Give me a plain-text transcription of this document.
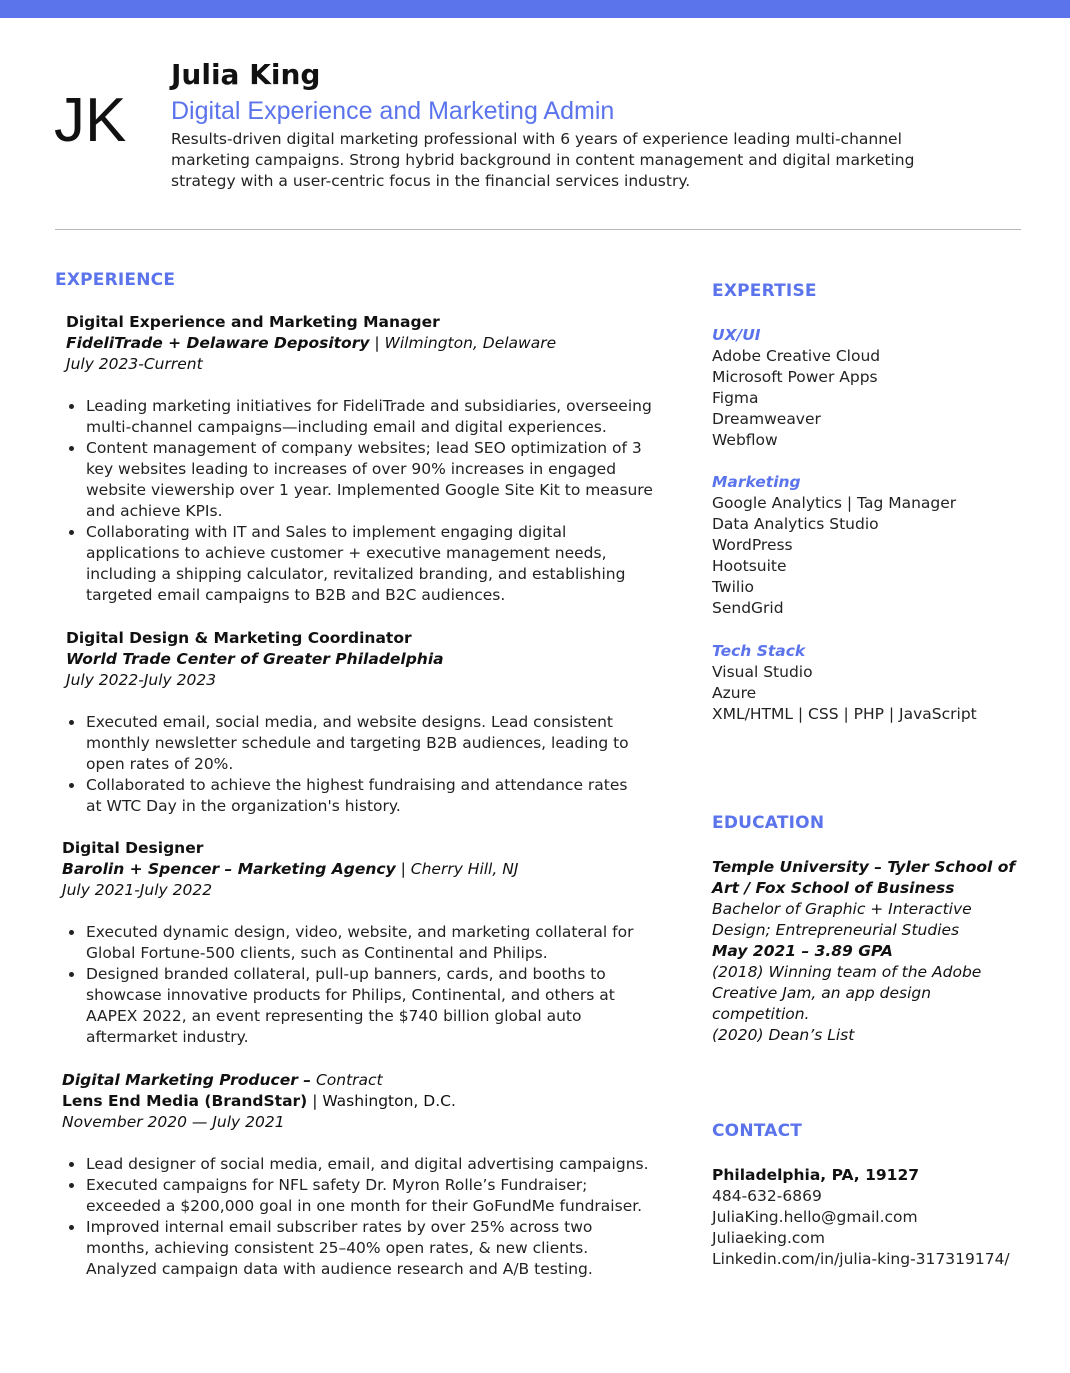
JK
Julia King
Digital Experience and Marketing Admin

Results-driven digital marketing professional with 6 years of experience leading multi-channel marketing campaigns. Strong hybrid background in content management and digital marketing strategy with a user-centric focus in the financial services industry.

EXPERIENCE

Digital Experience and Marketing Manager

FideliTrade + Delaware Depository | Wilmington, Delaware

July 2023-Current

• Leading marketing initiatives for FideliTrade and subsidiaries, overseeing multi-channel campaigns—including email and digital experiences.
• Content management of company websites; lead SEO optimization of 3 key websites leading to increases of over 90% increases in engaged website viewership over 1 year. Implemented Google Site Kit to measure and achieve KPIs.
• Collaborating with IT and Sales to implement engaging digital applications to achieve customer + executive management needs, including a shipping calculator, revitalized branding, and establishing targeted email campaigns to B2B and B2C audiences.

Digital Design & Marketing Coordinator

World Trade Center of Greater Philadelphia

July 2022-July 2023

• Executed email, social media, and website designs. Lead consistent monthly newsletter schedule and targeting B2B audiences, leading to open rates of 20%.
• Collaborated to achieve the highest fundraising and attendance rates at WTC Day in the organization's history.

Digital Designer

Barolin + Spencer – Marketing Agency | Cherry Hill, NJ

July 2021-July 2022

• Executed dynamic design, video, website, and marketing collateral for Global Fortune-500 clients, such as Continental and Philips.
• Designed branded collateral, pull-up banners, cards, and booths to showcase innovative products for Philips, Continental, and others at AAPEX 2022, an event representing the $740 billion global auto aftermarket industry.

Digital Marketing Producer – Contract

Lens End Media (BrandStar) | Washington, D.C.

November 2020 — July 2021

• Lead designer of social media, email, and digital advertising campaigns.
• Executed campaigns for NFL safety Dr. Myron Rolle’s Fundraiser; exceeded a $200,000 goal in one month for their GoFundMe fundraiser.
• Improved internal email subscriber rates by over 25% across two months, achieving consistent 25–40% open rates, & new clients. Analyzed campaign data with audience research and A/B testing.
EXPERTISE

UX/UI

Adobe Creative Cloud

Microsoft Power Apps

Figma

Dreamweaver

Webflow

Marketing

Google Analytics | Tag Manager

Data Analytics Studio

WordPress

Hootsuite

Twilio

SendGrid

Tech Stack

Visual Studio

Azure

XML/HTML | CSS | PHP | JavaScript

EDUCATION

Temple University – Tyler School of Art / Fox School of Business

Bachelor of Graphic + Interactive Design; Entrepreneurial Studies

May 2021 – 3.89 GPA

(2018) Winning team of the Adobe Creative Jam, an app design competition.

(2020) Dean’s List

CONTACT

Philadelphia, PA, 19127

484-632-6869

JuliaKing.hello@gmail.com

Juliaeking.com

Linkedin.com/in/julia-king-317319174/
